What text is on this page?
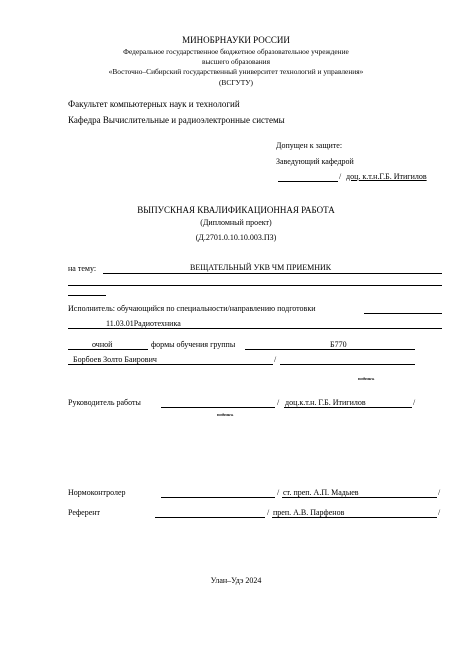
МИНОБРНАУКИ РОССИИ
Федеральное государственное бюджетное образовательное учреждение
высшего образования
«Восточно–Сибирский государственный университет технологий и управления»
(ВСГУТУ)
Факультет компьютерных наук и технологий
Кафедра Вычислительные и радиоэлектронные системы
Допущен к защите:
Заведующий кафедрой
/ доц. к.т.н.Г.Б. Итигилов
ВЫПУСКНАЯ КВАЛИФИКАЦИОННАЯ РАБОТА
(Дипломный проект)
(Д.2701.0.10.10.003.ПЗ)
на тему:	ВЕЩАТЕЛЬНЫЙ УКВ ЧМ ПРИЕМНИК
Исполнитель: обучающийся по специальности/направлению подготовки
11.03.01Радиотехника
очной	формы обучения группы	Б770
Борбоев Золто Баирович	/
подпись
Руководитель работы	/ доц.к.т.н. Г.Б. Итигилов	/
подпись
Нормоконтролер	/ ст. преп. А.П. Мадыев	/
Референт	/ преп. А.В. Парфенов	/
Улан–Удэ 2024
